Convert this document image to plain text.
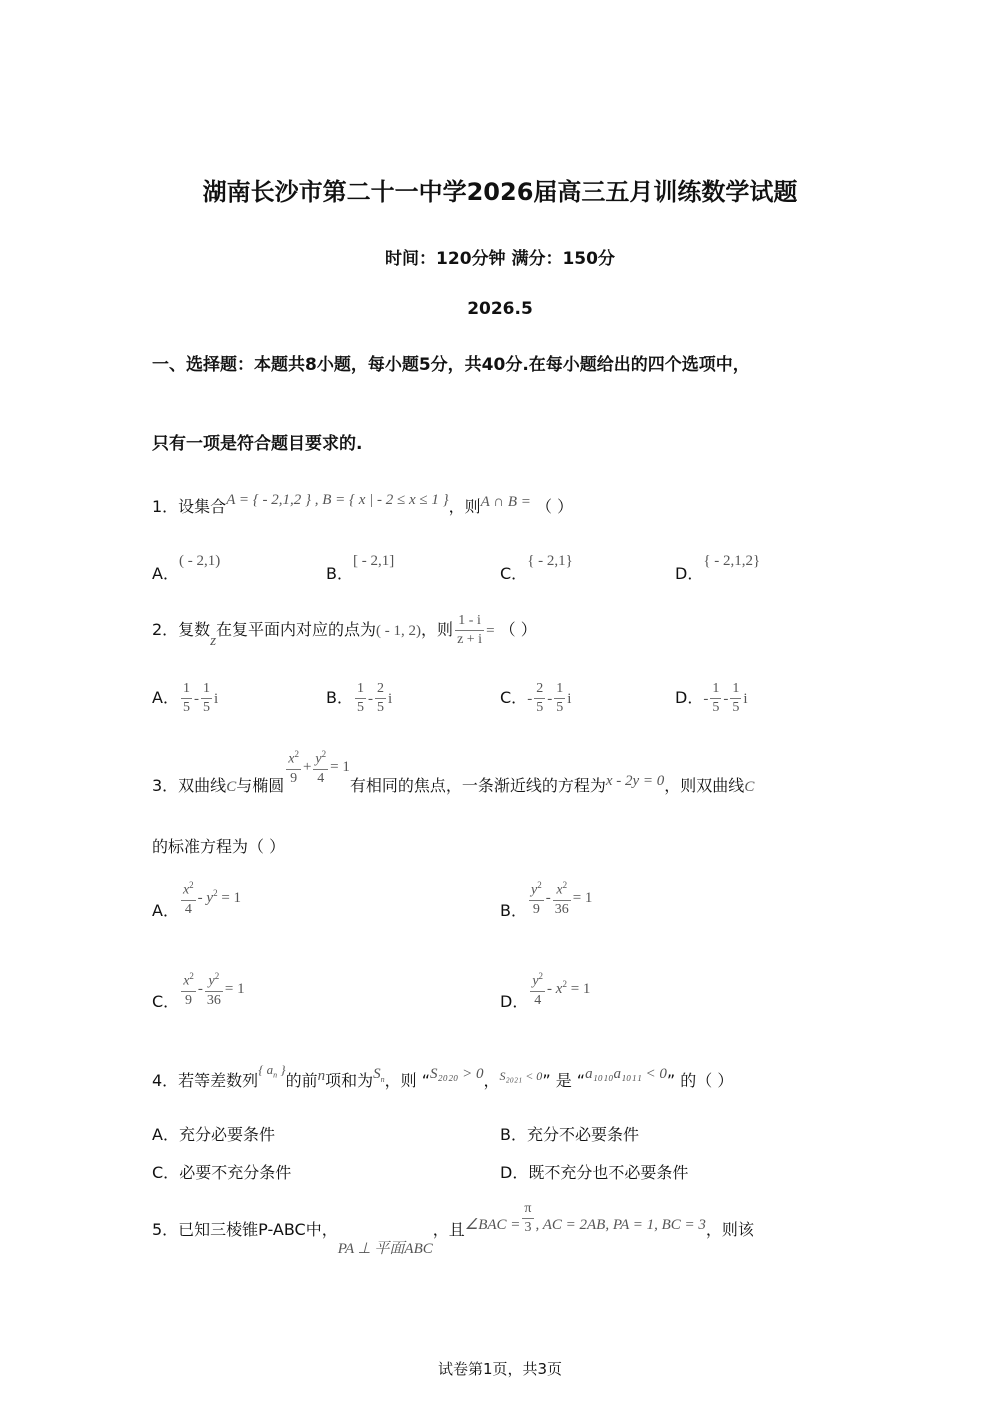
湖南长沙市第二十一中学2026届高三五月训练数学试题
时间：120分钟 满分：150分
2026.5
一、选择题：本题共8小题，每小题5分，共40分.在每小题给出的四个选项中，
只有一项是符合题目要求的.
1．设集合A = { - 2,1,2 } , B = { x | - 2 ≤ x ≤ 1 }，则A ∩ B = （ ）
A．( - 2,1)
B．[ - 2,1]
C．{ - 2,1}
D．{ - 2,1,2}
2．复数z在复平面内对应的点为( - 1, 2)，则 $\frac{1 - i}{z + i}$ = （ ）
A． $\frac{1}{5} - \frac{1}{5}$ i	B． $\frac{1}{5} - \frac{2}{5}$ i	C．- $\frac{2}{5} - \frac{1}{5}$ i	D．- $\frac{1}{5} - \frac{1}{5}$ i
3．双曲线C与椭圆 $\frac{x^2}{9} + \frac{y^2}{4} = 1$有相同的焦点，一条渐近线的方程为x - 2y = 0，则双曲线C
的标准方程为（ ）
A． $\frac{x^2}{4} - y^2 = 1$
B． $\frac{y^2}{9} - \frac{x^2}{36} = 1$
C． $\frac{x^2}{9} - \frac{y^2}{36} = 1$
D． $\frac{y^2}{4} - x^2 = 1$
4．若等差数列$^{\{ a_n \}}$的前n项和为$S_n$，则 “S₂₀₂₀ > 0，$^{S_{2021} < 0}$” 是 “a₁₀₁₀a₁₀₁₁ < 0” 的（ ）
A．充分必要条件	B．充分不必要条件
C．必要不充分条件	D．既不充分也不必要条件
5．已知三棱锥P-ABC中，PA ⊥ 平面ABC，且∠BAC = $\frac{\pi}{3}$ , AC = 2AB, PA = 1, BC = 3，则该
试卷第1页，共3页
